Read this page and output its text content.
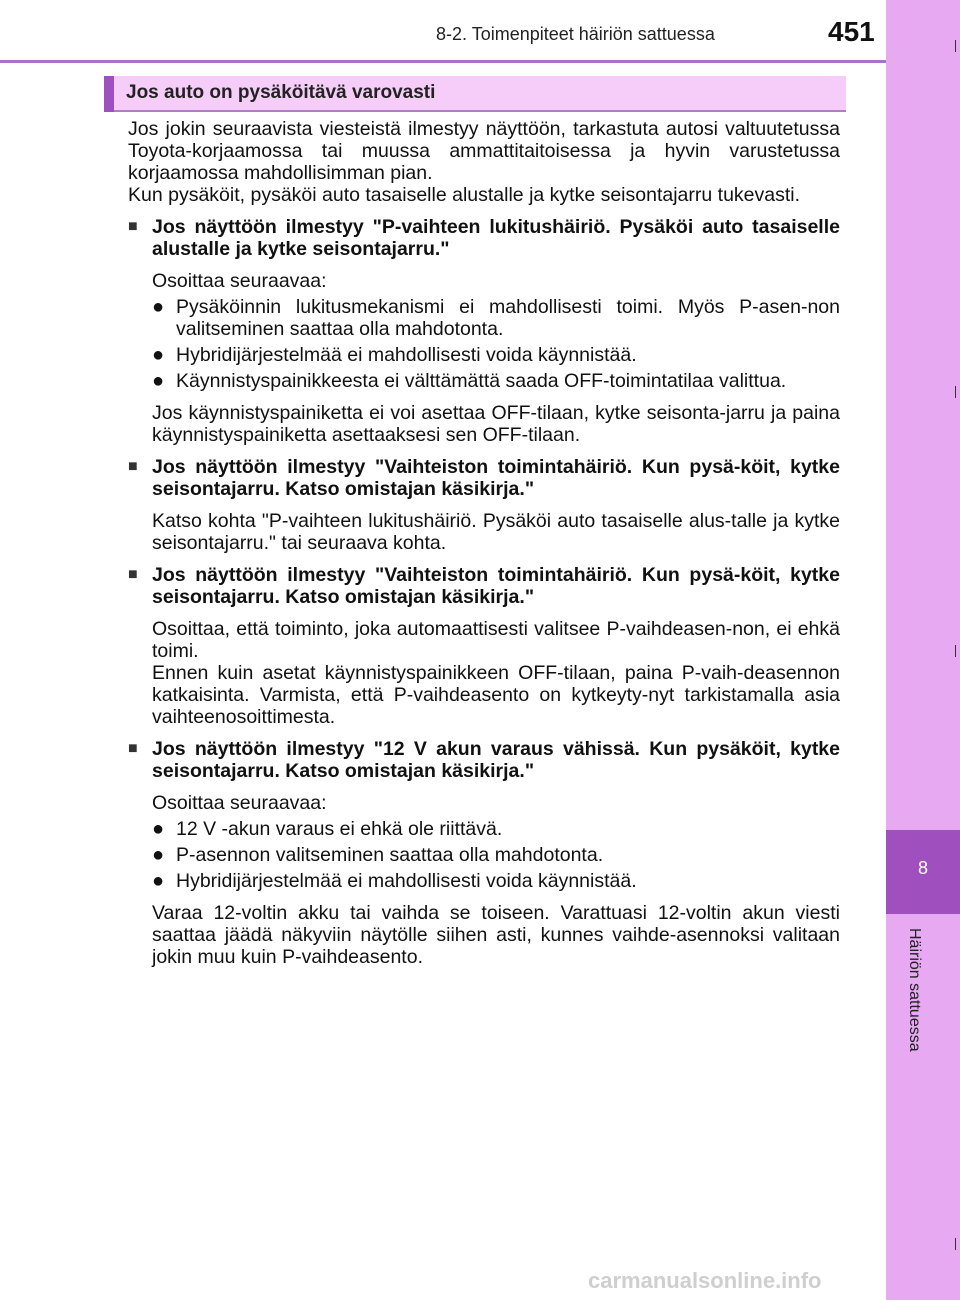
8-2. Toimenpiteet häiriön sattuessa	451
8
Häiriön sattuessa
Jos auto on pysäköitävä varovasti

Jos jokin seuraavista viesteistä ilmestyy näyttöön, tarkastuta autosi valtuutetussa Toyota-korjaamossa tai muussa ammattitaitoisessa ja hyvin varustetussa korjaamossa mahdollisimman pian.

Kun pysäköit, pysäköi auto tasaiselle alustalle ja kytke seisontajarru tukevasti.

■ Jos näyttöön ilmestyy "P-vaihteen lukitushäiriö. Pysäköi auto tasaiselle alustalle ja kytke seisontajarru."

Osoittaa seuraavaa:

● Pysäköinnin lukitusmekanismi ei mahdollisesti toimi. Myös P-asen-non valitseminen saattaa olla mahdotonta.
● Hybridijärjestelmää ei mahdollisesti voida käynnistää.
● Käynnistyspainikkeesta ei välttämättä saada OFF-toimintatilaa valittua.

Jos käynnistyspainiketta ei voi asettaa OFF-tilaan, kytke seisonta-jarru ja paina käynnistyspainiketta asettaaksesi sen OFF-tilaan.

■ Jos näyttöön ilmestyy "Vaihteiston toimintahäiriö. Kun pysä-köit, kytke seisontajarru. Katso omistajan käsikirja."

Katso kohta "P-vaihteen lukitushäiriö. Pysäköi auto tasaiselle alus-talle ja kytke seisontajarru." tai seuraava kohta.

■ Jos näyttöön ilmestyy "Vaihteiston toimintahäiriö. Kun pysä-köit, kytke seisontajarru. Katso omistajan käsikirja."

Osoittaa, että toiminto, joka automaattisesti valitsee P-vaihdeasen-non, ei ehkä toimi.

Ennen kuin asetat käynnistyspainikkeen OFF-tilaan, paina P-vaih-deasennon katkaisinta. Varmista, että P-vaihdeasento on kytkeyty-nyt tarkistamalla asia vaihteenosoittimesta.

■ Jos näyttöön ilmestyy "12 V akun varaus vähissä. Kun pysäköit, kytke seisontajarru. Katso omistajan käsikirja."

Osoittaa seuraavaa:

● 12 V -akun varaus ei ehkä ole riittävä.
● P-asennon valitseminen saattaa olla mahdotonta.
● Hybridijärjestelmää ei mahdollisesti voida käynnistää.

Varaa 12-voltin akku tai vaihda se toiseen. Varattuasi 12-voltin akun viesti saattaa jäädä näkyviin näytölle siihen asti, kunnes vaihde-asennoksi valitaan jokin muu kuin P-vaihdeasento.

carmanualsonline.info
